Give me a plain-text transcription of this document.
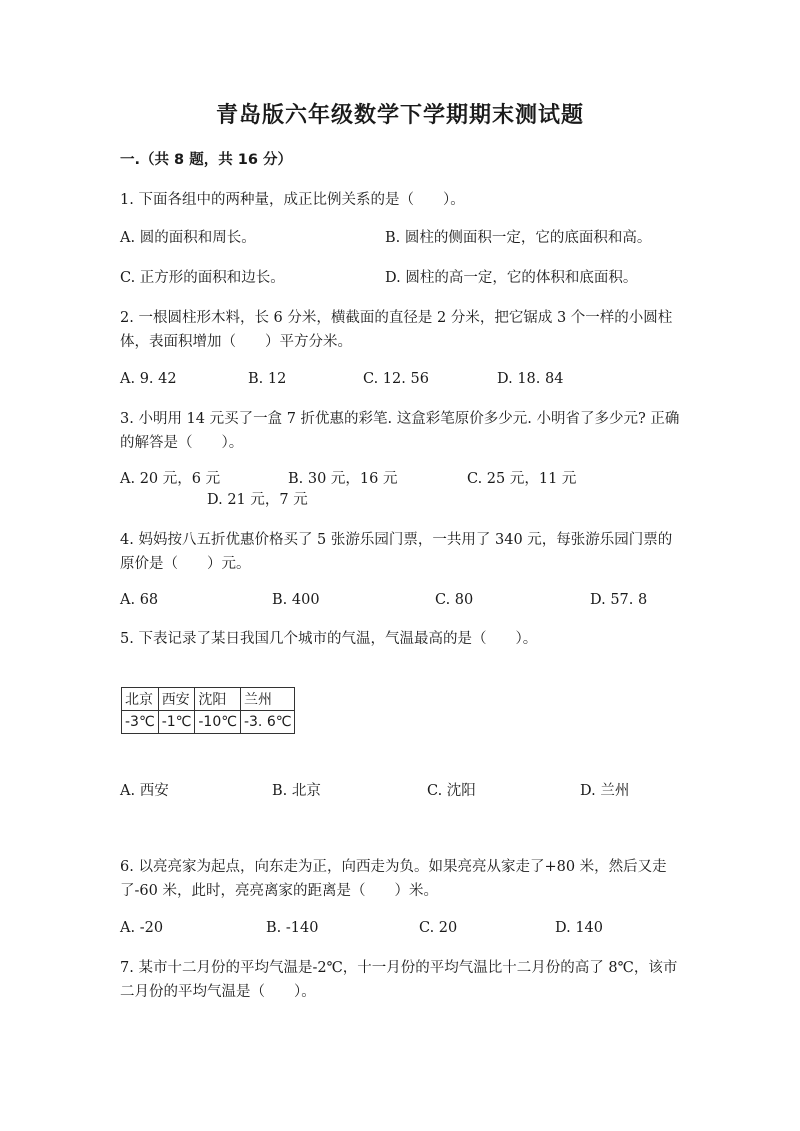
青岛版六年级数学下学期期末测试题
一.（共 8 题，共 16 分）
1. 下面各组中的两种量，成正比例关系的是（　　）。
A. 圆的面积和周长。	B. 圆柱的侧面积一定，它的底面积和高。
C. 正方形的面积和边长。	D. 圆柱的高一定，它的体积和底面积。
2. 一根圆柱形木料，长 6 分米，横截面的直径是 2 分米，把它锯成 3 个一样的小圆柱体，表面积增加（　　）平方分米。
A. 9. 42	B. 12	C. 12. 56	D. 18. 84
3. 小明用 14 元买了一盒 7 折优惠的彩笔. 这盒彩笔原价多少元. 小明省了多少元? 正确的解答是（　　）。
A. 20 元，6 元	B. 30 元，16 元	C. 25 元，11 元
D. 21 元，7 元
4. 妈妈按八五折优惠价格买了 5 张游乐园门票，一共用了 340 元，每张游乐园门票的原价是（　　）元。
A. 68	B. 400	C. 80	D. 57. 8
5. 下表记录了某日我国几个城市的气温，气温最高的是（　　）。
北京	西安	沈阳	兰州
-3℃	-1℃	-10℃	-3. 6℃
A. 西安	B. 北京	C. 沈阳	D. 兰州
6. 以亮亮家为起点，向东走为正，向西走为负。如果亮亮从家走了+80 米，然后又走了-60 米，此时，亮亮离家的距离是（　　）米。
A. -20	B. -140	C. 20	D. 140
7. 某市十二月份的平均气温是-2℃，十一月份的平均气温比十二月份的高了 8℃，该市二月份的平均气温是（　　）。
